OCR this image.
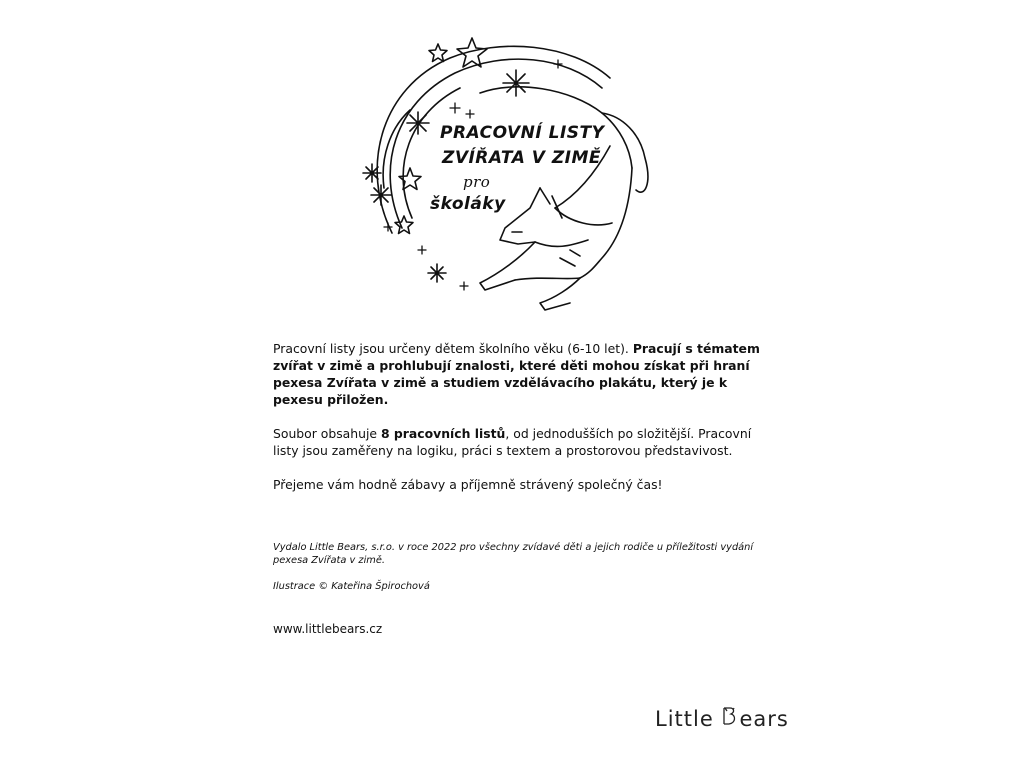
PRACOVNÍ LISTY
ZVÍŘATA V ZIMĚ
pro
školáky

Pracovní listy jsou určeny dětem školního věku (6-10 let). Pracují s tématem zvířat v zimě a prohlubují znalosti, které děti mohou získat při hraní pexesa Zvířata v zimě a studiem vzdělávacího plakátu, který je k pexesu přiložen.

Soubor obsahuje 8 pracovních listů, od jednodušších po složitější. Pracovní listy jsou zaměřeny na logiku, práci s textem a prostorovou představivost.

Přejeme vám hodně zábavy a příjemně strávený společný čas!

Vydalo Little Bears, s.r.o. v roce 2022 pro všechny zvídavé děti a jejich rodiče u příležitosti vydání pexesa Zvířata v zimě.

Ilustrace © Kateřina Špirochová

www.littlebears.cz
Little ears
